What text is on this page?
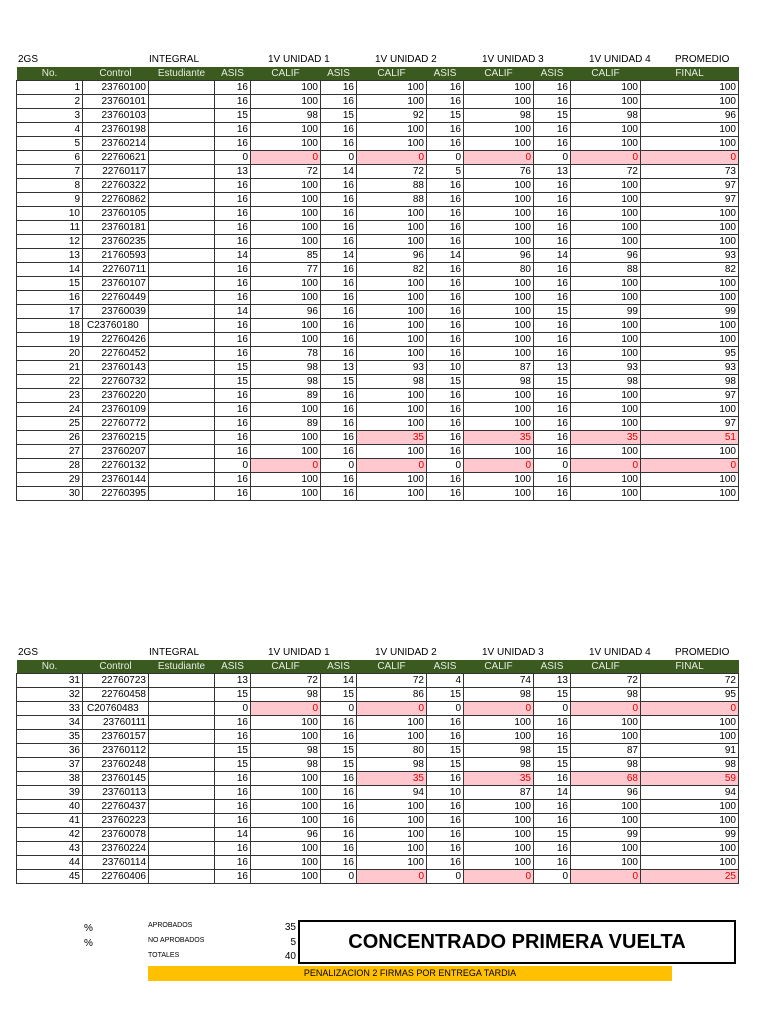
2GS	INTEGRAL	1V UNIDAD 1	1V UNIDAD 2	1V UNIDAD 3	1V UNIDAD 4 PROMEDIO
No.	Control	Estudiante	ASIS	CALIF	ASIS	CALIF	ASIS	CALIF	ASIS	CALIF	FINAL
1	23760100		16	100	16	100	16	100	16	100	100
2	23760101		16	100	16	100	16	100	16	100	100
3	23760103		15	98	15	92	15	98	15	98	96
4	23760198		16	100	16	100	16	100	16	100	100
5	23760214		16	100	16	100	16	100	16	100	100
6	22760621		0	0	0	0	0	0	0	0	0
7	22760117		13	72	14	72	5	76	13	72	73
8	22760322		16	100	16	88	16	100	16	100	97
9	22760862		16	100	16	88	16	100	16	100	97
10	23760105		16	100	16	100	16	100	16	100	100
11	23760181		16	100	16	100	16	100	16	100	100
12	23760235		16	100	16	100	16	100	16	100	100
13	21760593		14	85	14	96	14	96	14	96	93
14	22760711		16	77	16	82	16	80	16	88	82
15	23760107		16	100	16	100	16	100	16	100	100
16	22760449		16	100	16	100	16	100	16	100	100
17	23760039		14	96	16	100	16	100	15	99	99
18	C23760180		16	100	16	100	16	100	16	100	100
19	22760426		16	100	16	100	16	100	16	100	100
20	22760452		16	78	16	100	16	100	16	100	95
21	23760143		15	98	13	93	10	87	13	93	93
22	22760732		15	98	15	98	15	98	15	98	98
23	23760220		16	89	16	100	16	100	16	100	97
24	23760109		16	100	16	100	16	100	16	100	100
25	22760772		16	89	16	100	16	100	16	100	97
26	23760215		16	100	16	35	16	35	16	35	51
27	23760207		16	100	16	100	16	100	16	100	100
28	22760132		0	0	0	0	0	0	0	0	0
29	23760144		16	100	16	100	16	100	16	100	100
30	22760395		16	100	16	100	16	100	16	100	100
2GS	INTEGRAL	1V UNIDAD 1	1V UNIDAD 2	1V UNIDAD 3	1V UNIDAD 4 PROMEDIO
No.	Control	Estudiante	ASIS	CALIF	ASIS	CALIF	ASIS	CALIF	ASIS	CALIF	FINAL
31	22760723		13	72	14	72	4	74	13	72	72
32	22760458		15	98	15	86	15	98	15	98	95
33	C20760483		0	0	0	0	0	0	0	0	0
34	23760111		16	100	16	100	16	100	16	100	100
35	23760157		16	100	16	100	16	100	16	100	100
36	23760112		15	98	15	80	15	98	15	87	91
37	23760248		15	98	15	98	15	98	15	98	98
38	23760145		16	100	16	35	16	35	16	68	59
39	23760113		16	100	16	94	10	87	14	96	94
40	22760437		16	100	16	100	16	100	16	100	100
41	23760223		16	100	16	100	16	100	16	100	100
42	23760078		14	96	16	100	16	100	15	99	99
43	23760224		16	100	16	100	16	100	16	100	100
44	23760114		16	100	16	100	16	100	16	100	100
45	22760406		16	100	0	0	0	0	0	0	25
%
%
APROBADOS
NO APROBADOS
TOTALES
35
5
40
CONCENTRADO PRIMERA VUELTA
PENALIZACION 2 FIRMAS POR ENTREGA TARDIA
